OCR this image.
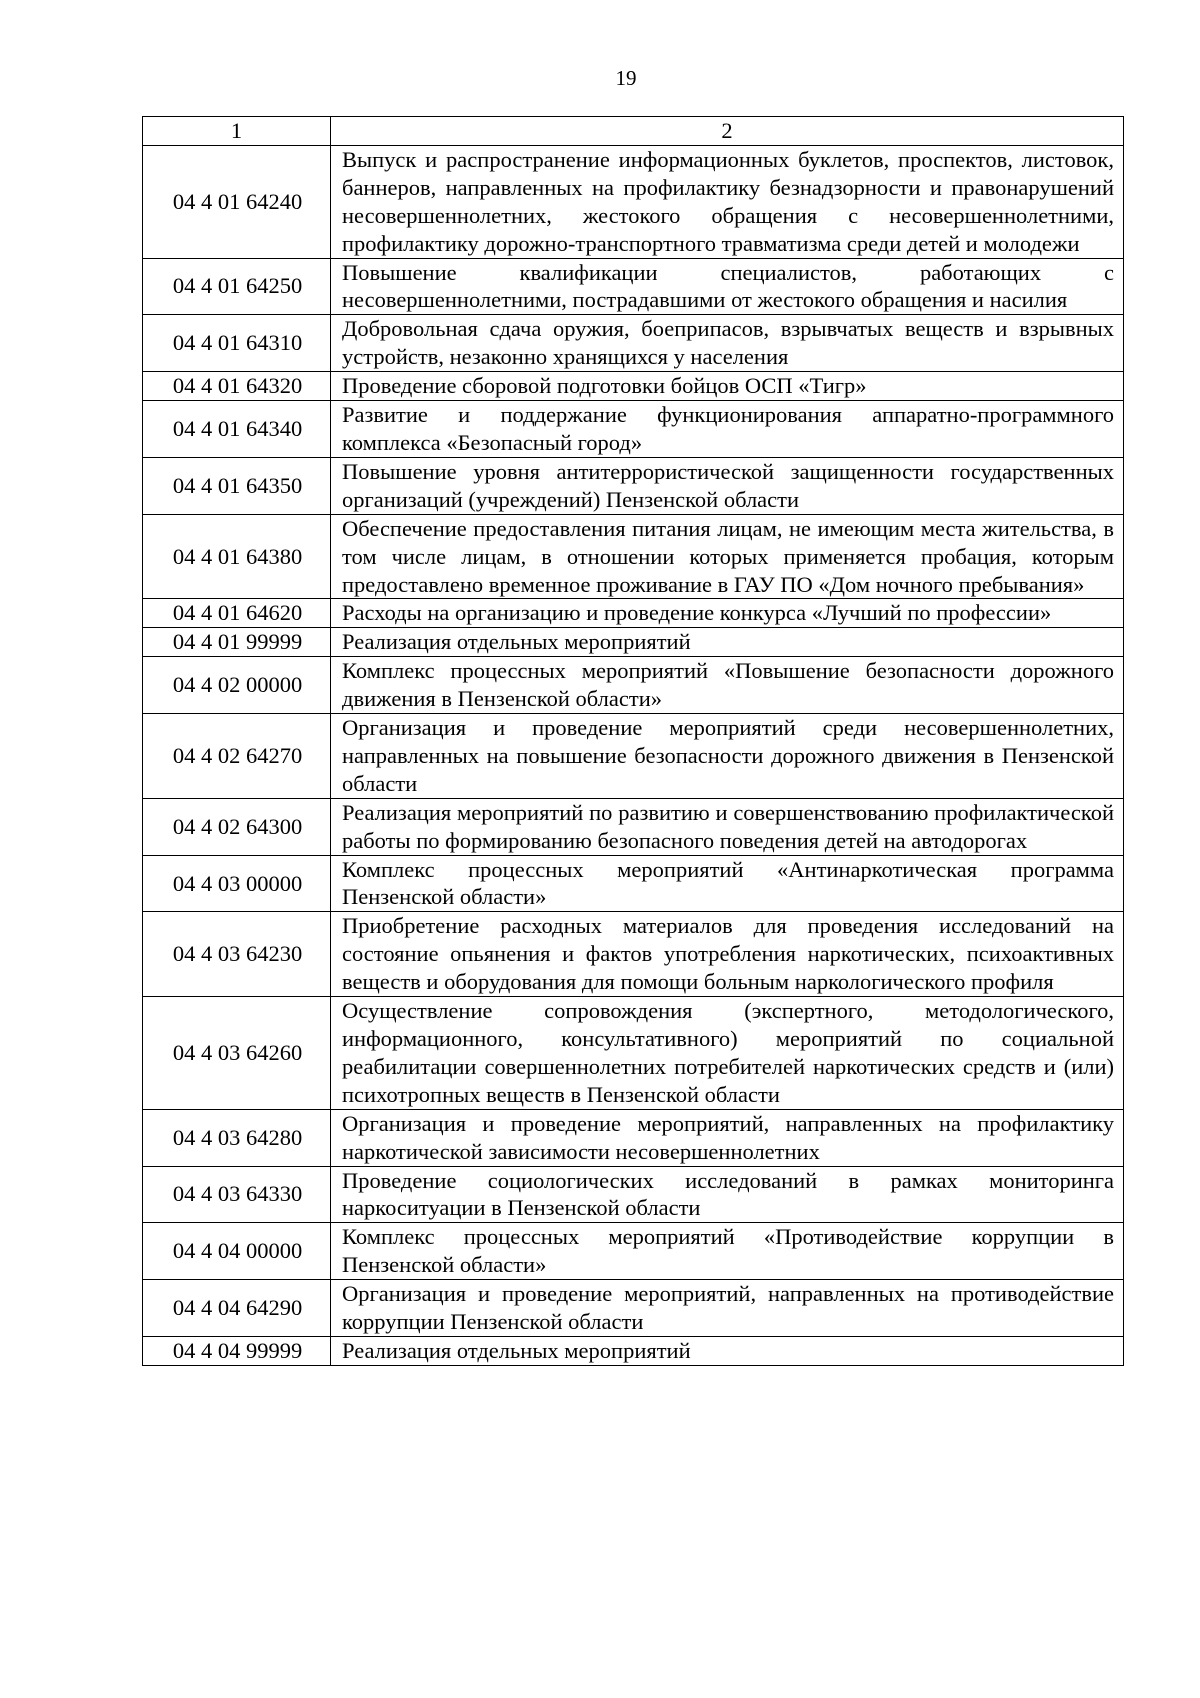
19
1	2
04 4 01 64240	Выпуск и распространение информационных буклетов, проспектов, листовок, баннеров, направленных на профилактику безнадзорности и правонарушений несовершеннолетних, жестокого обращения с несовершеннолетними, профилактику дорожно-транспортного травматизма среди детей и молодежи
04 4 01 64250	Повышение квалификации специалистов, работающих с несовершеннолетними, пострадавшими от жестокого обращения и насилия
04 4 01 64310	Добровольная сдача оружия, боеприпасов, взрывчатых веществ и взрывных устройств, незаконно хранящихся у населения
04 4 01 64320	Проведение сборовой подготовки бойцов ОСП «Тигр»
04 4 01 64340	Развитие и поддержание функционирования аппаратно-программного комплекса «Безопасный город»
04 4 01 64350	Повышение уровня антитеррористической защищенности государственных организаций (учреждений) Пензенской области
04 4 01 64380	Обеспечение предоставления питания лицам, не имеющим места жительства, в том числе лицам, в отношении которых применяется пробация, которым предоставлено временное проживание в ГАУ ПО «Дом ночного пребывания»
04 4 01 64620	Расходы на организацию и проведение конкурса «Лучший по профессии»
04 4 01 99999	Реализация отдельных мероприятий
04 4 02 00000	Комплекс процессных мероприятий «Повышение безопасности дорожного движения в Пензенской области»
04 4 02 64270	Организация и проведение мероприятий среди несовершеннолетних, направленных на повышение безопасности дорожного движения в Пензенской области
04 4 02 64300	Реализация мероприятий по развитию и совершенствованию профилактической работы по формированию безопасного поведения детей на автодорогах
04 4 03 00000	Комплекс процессных мероприятий «Антинаркотическая программа Пензенской области»
04 4 03 64230	Приобретение расходных материалов для проведения исследований на состояние опьянения и фактов употребления наркотических, психоактивных веществ и оборудования для помощи больным наркологического профиля
04 4 03 64260	Осуществление сопровождения (экспертного, методологического, информационного, консультативного) мероприятий по социальной реабилитации совершеннолетних потребителей наркотических средств и (или) психотропных веществ в Пензенской области
04 4 03 64280	Организация и проведение мероприятий, направленных на профилактику наркотической зависимости несовершеннолетних
04 4 03 64330	Проведение социологических исследований в рамках мониторинга наркоситуации в Пензенской области
04 4 04 00000	Комплекс процессных мероприятий «Противодействие коррупции в Пензенской области»
04 4 04 64290	Организация и проведение мероприятий, направленных на противодействие коррупции Пензенской области
04 4 04 99999	Реализация отдельных мероприятий
